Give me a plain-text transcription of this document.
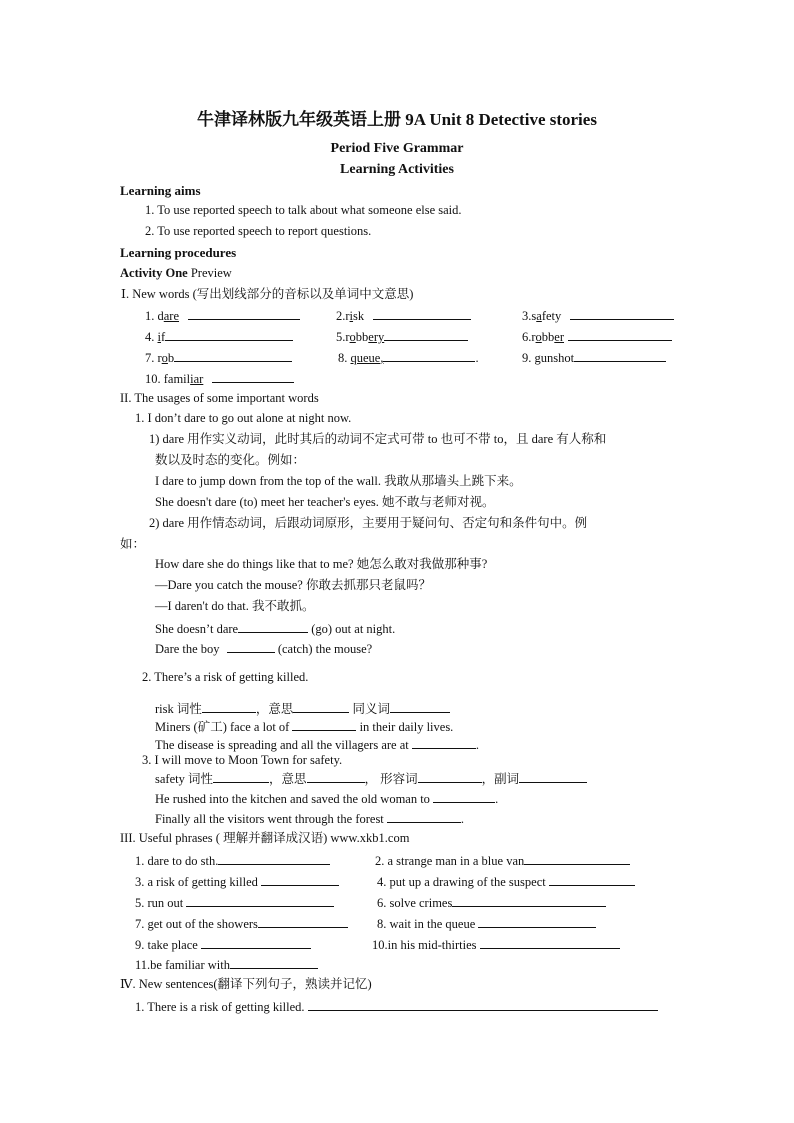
牛津译林版九年级英语上册 9A Unit 8 Detective stories
Period Five Grammar
Learning Activities
Learning aims
1. To use reported speech to talk about what someone else said.
2. To use reported speech to report questions.
Learning procedures
Activity One Preview
Ⅰ. New words (写出划线部分的音标以及单词中文意思)
1. dare	2.risk	3.safety
4. if	5.robbery	6.robber
7. rob	8. queue,	.	9. gunshot
10. familiar
II. The usages of some important words
1. I don’t dare to go out alone at night now.
1) dare 用作实义动词，此时其后的动词不定式可带 to 也可不带 to，且 dare 有人称和
数以及时态的变化。例如：
I dare to jump down from the top of the wall. 我敢从那墙头上跳下来。
She doesn't dare (to) meet her teacher's eyes. 她不敢与老师对视。
2) dare 用作情态动词，后跟动词原形，主要用于疑问句、否定句和条件句中。例
如：
How dare she do things like that to me? 她怎么敢对我做那种事?
—Dare you catch the mouse? 你敢去抓那只老鼠吗？
—I daren't do that. 我不敢抓。
She doesn’t dare	(go) out at night.
Dare the boy	(catch) the mouse?
2. There’s a risk of getting killed.
risk 词性	，意思	同义词
Miners (矿工) face a lot of	in their daily lives.
The disease is spreading and all the villagers are at	.
3. I will move to Moon Town for safety.
safety 词性	，意思	， 形容词	，副词
He rushed into the kitchen and saved the old woman to	.
Finally all the visitors went through the forest	.
III. Useful phrases ( 理解并翻译成汉语) www.xkb1.com
1. dare to do sth.	2. a strange man in a blue van
3. a risk of getting killed	4. put up a drawing of the suspect
5. run out	6. solve crimes
7. get out of the showers	8. wait in the queue
9. take place	10.in his mid-thirties
11.be familiar with
Ⅳ. New sentences(翻译下列句子，熟读并记忆)
1. There is a risk of getting killed.
